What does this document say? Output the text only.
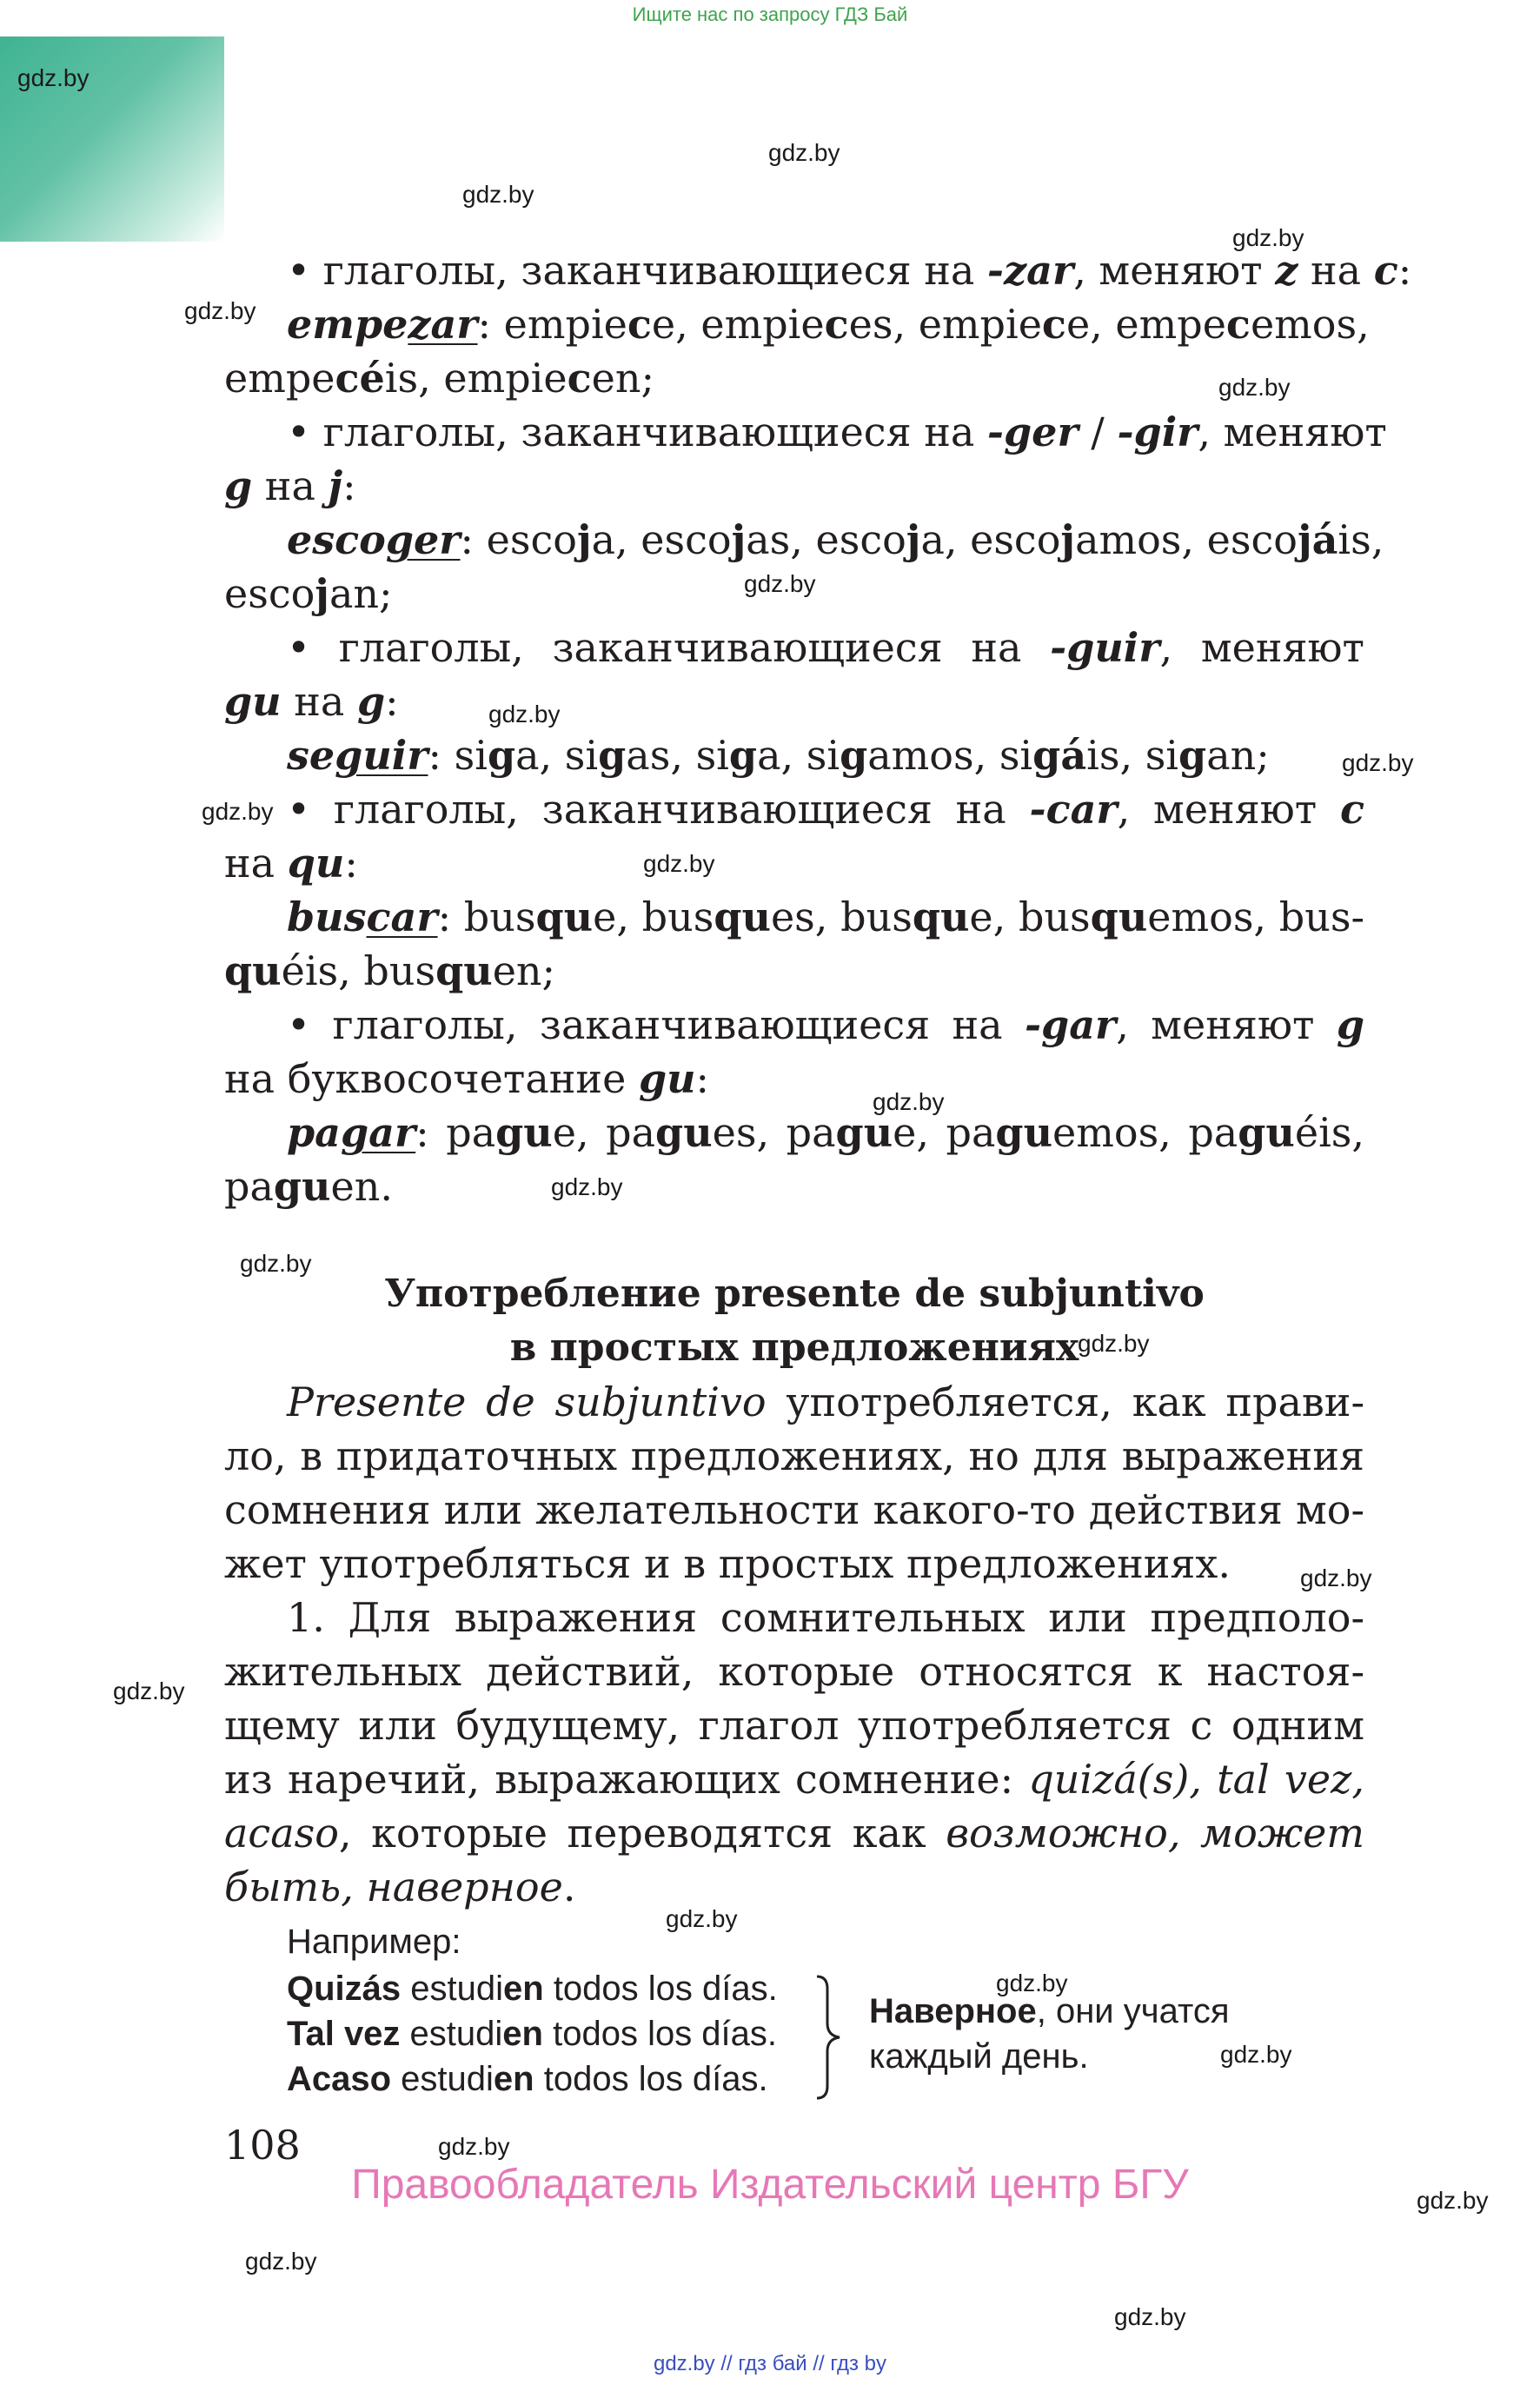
Ищите нас по запросу ГДЗ Бай
gdz.by
gdz.by
gdz.by
gdz.by
gdz.by
gdz.by
gdz.by
gdz.by
gdz.by
gdz.by
gdz.by
gdz.by
gdz.by
gdz.by
gdz.by
gdz.by
gdz.by
gdz.by
gdz.by
gdz.by
gdz.by
gdz.by
gdz.by
gdz.by
• глаголы, заканчивающиеся на -zar, меняют z на c:
empezar: empiece, empieces, empiece, empecemos,
empecéis, empiecen;
• глаголы, заканчивающиеся на -ger / -gir, меняют
g на j:
escoger: escoja, escojas, escoja, escojamos, escojáis,
escojan;
• глаголы, заканчивающиеся на -guir, меняют
gu на g:
seguir: siga, sigas, siga, sigamos, sigáis, sigan;
• глаголы, заканчивающиеся на -car, меняют c
на qu:
buscar: busque, busques, busque, busquemos, bus-
quéis, busquen;
• глаголы, заканчивающиеся на -gar, меняют g
на буквосочетание gu:
pagar: pague, pagues, pague, paguemos, paguéis,
paguen.
Употребление presente de subjuntivo
в простых предложениях
Presente de subjuntivo употребляется, как прави-
ло, в придаточных предложениях, но для выражения
сомнения или желательности какого-то действия мо-
жет употребляться и в простых предложениях.
1. Для выражения сомнительных или предполо-
жительных действий, которые относятся к настоя-
щему или будущему, глагол употребляется с одним
из наречий, выражающих сомнение: quizá(s), tal vez,
acaso, которые переводятся как возможно, может
быть, наверное.
Например:
Quizás estudien todos los días.
Tal vez estudien todos los días.
Acaso estudien todos los días.
Наверное, они учатся
каждый день.
108
Правообладатель Издательский центр БГУ
gdz.by // гдз бай // гдз by
